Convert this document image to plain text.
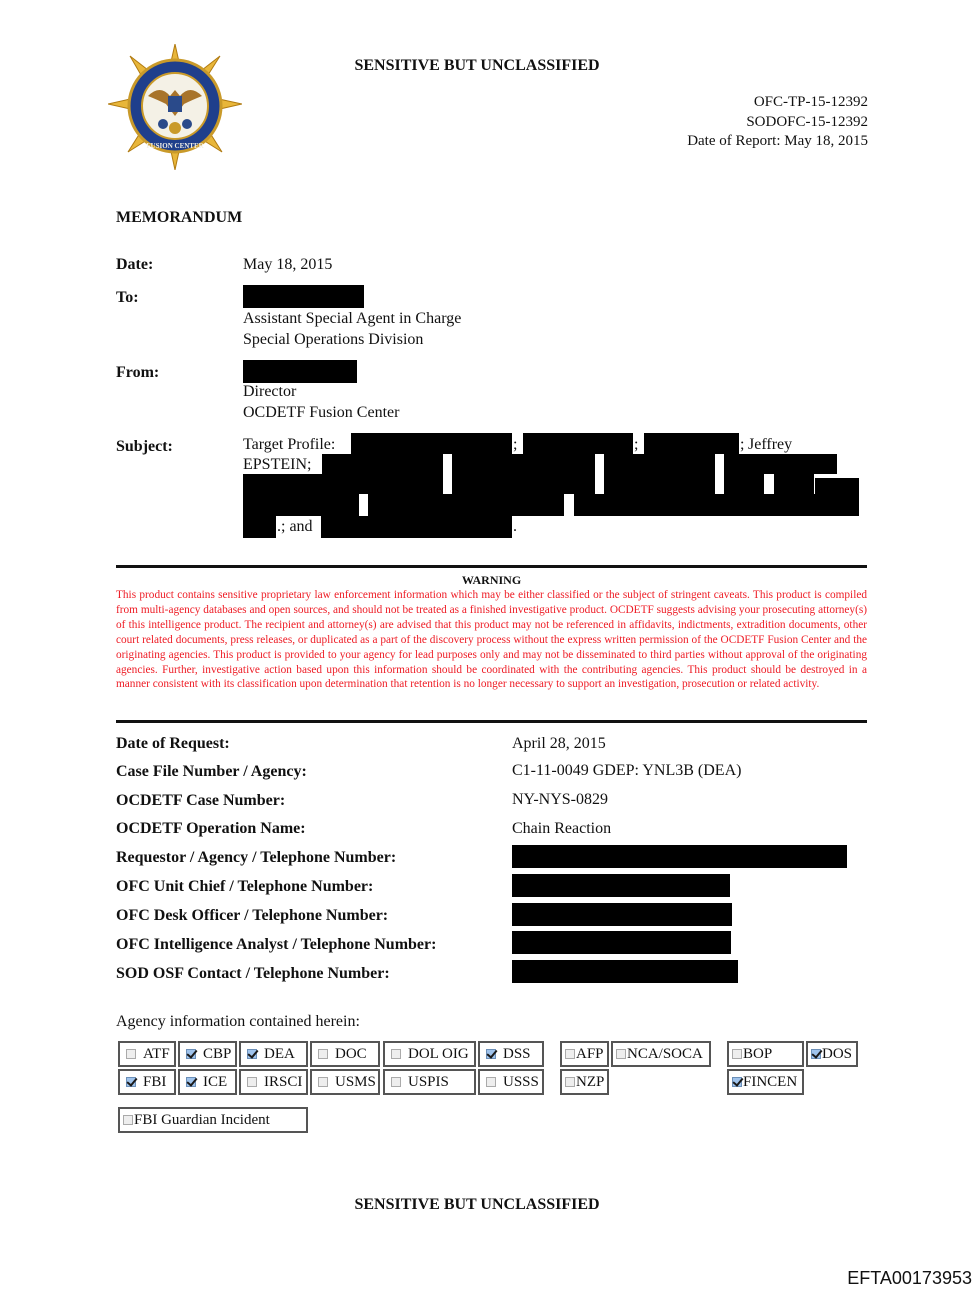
FUSION CENTER
SENSITIVE BUT UNCLASSIFIED
OFC-TP-15-12392
SODOFC-15-12392
Date of Report: May 18, 2015
MEMORANDUM
Date:	May 18, 2015
To:
Assistant Special Agent in Charge
Special Operations Division
From:
Director
OCDETF Fusion Center
Subject:	Target Profile:	;	;	; Jeffrey
EPSTEIN;
.; and	.
WARNING
This product contains sensitive proprietary law enforcement information which may be either classified or the subject of stringent caveats. This product is compiled from multi-agency databases and open sources, and should not be treated as a finished investigative product. OCDETF suggests advising your prosecuting attorney(s) of this intelligence product. The recipient and attorney(s) are advised that this product may not be referenced in affidavits, indictments, extradition documents, other court related documents, press releases, or duplicated as a part of the discovery process without the express written permission of the OCDETF Fusion Center and the originating agencies. This product is provided to your agency for lead purposes only and may not be disseminated to third parties without approval of the originating agencies. Further, investigative action based upon this information should be coordinated with the contributing agencies. This product should be destroyed in a manner consistent with its classification upon determination that retention is no longer necessary to support an investigation, prosecution or related activity.
Date of Request:	April 28, 2015
Case File Number / Agency:	C1-11-0049 GDEP: YNL3B (DEA)
OCDETF Case Number:	NY-NYS-0829
OCDETF Operation Name:	Chain Reaction
Requestor / Agency / Telephone Number:
OFC Unit Chief / Telephone Number:
OFC Desk Officer / Telephone Number:
OFC Intelligence Analyst / Telephone Number:
SOD OSF Contact / Telephone Number:
Agency information contained herein:
ATF	CBP	DEA	DOC	DOL OIG	DSS	AFP	NCA/SOCA	BOP	DOS
FBI	ICE	IRSCI	USMS	USPIS	USSS	NZP	FINCEN
FBI Guardian Incident
SENSITIVE BUT UNCLASSIFIED
EFTA00173953
